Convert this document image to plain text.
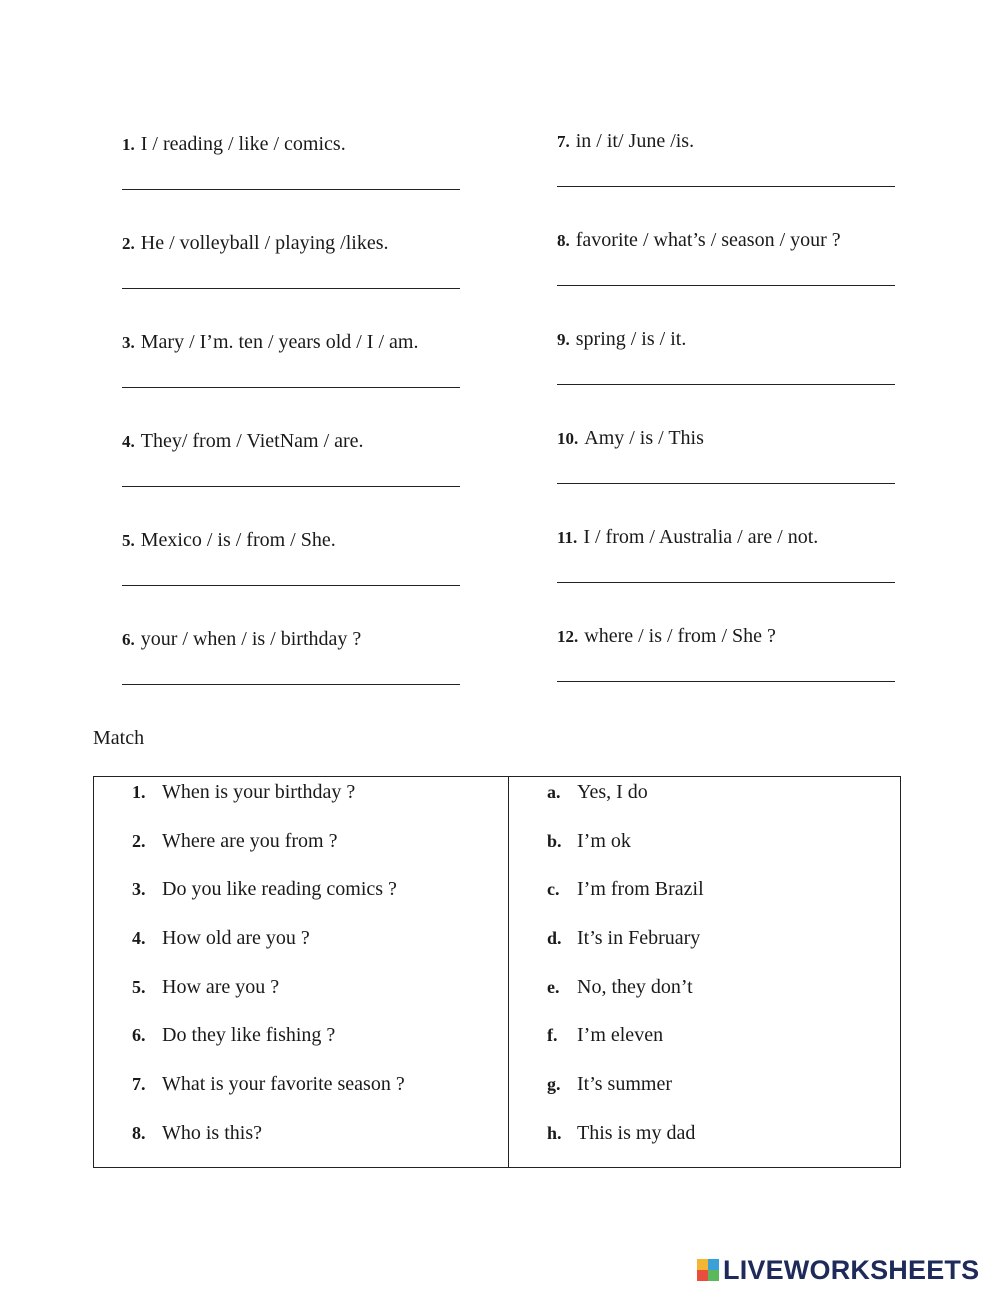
1. I / reading / like / comics.
2. He / volleyball / playing /likes.
3. Mary / I’m. ten / years old / I / am.
4. They/ from / VietNam / are.
5. Mexico / is / from / She.
6. your / when / is / birthday ?
7. in / it/ June /is.
8. favorite / what’s / season / your ?
9. spring / is / it.
10. Amy / is / This
11. I / from / Australia / are / not.
12. where / is / from / She ?
Match
1. When is your birthday ?
2. Where are you from ?
3. Do you like reading comics ?
4. How old are you ?
5. How are you ?
6. Do they like fishing ?
7. What is your favorite season ?
8. Who is this?
a. Yes, I do
b. I’m ok
c. I’m from Brazil
d. It’s in February
e. No, they don’t
f. I’m eleven
g. It’s summer
h. This is my dad
LIVEWORKSHEETS
